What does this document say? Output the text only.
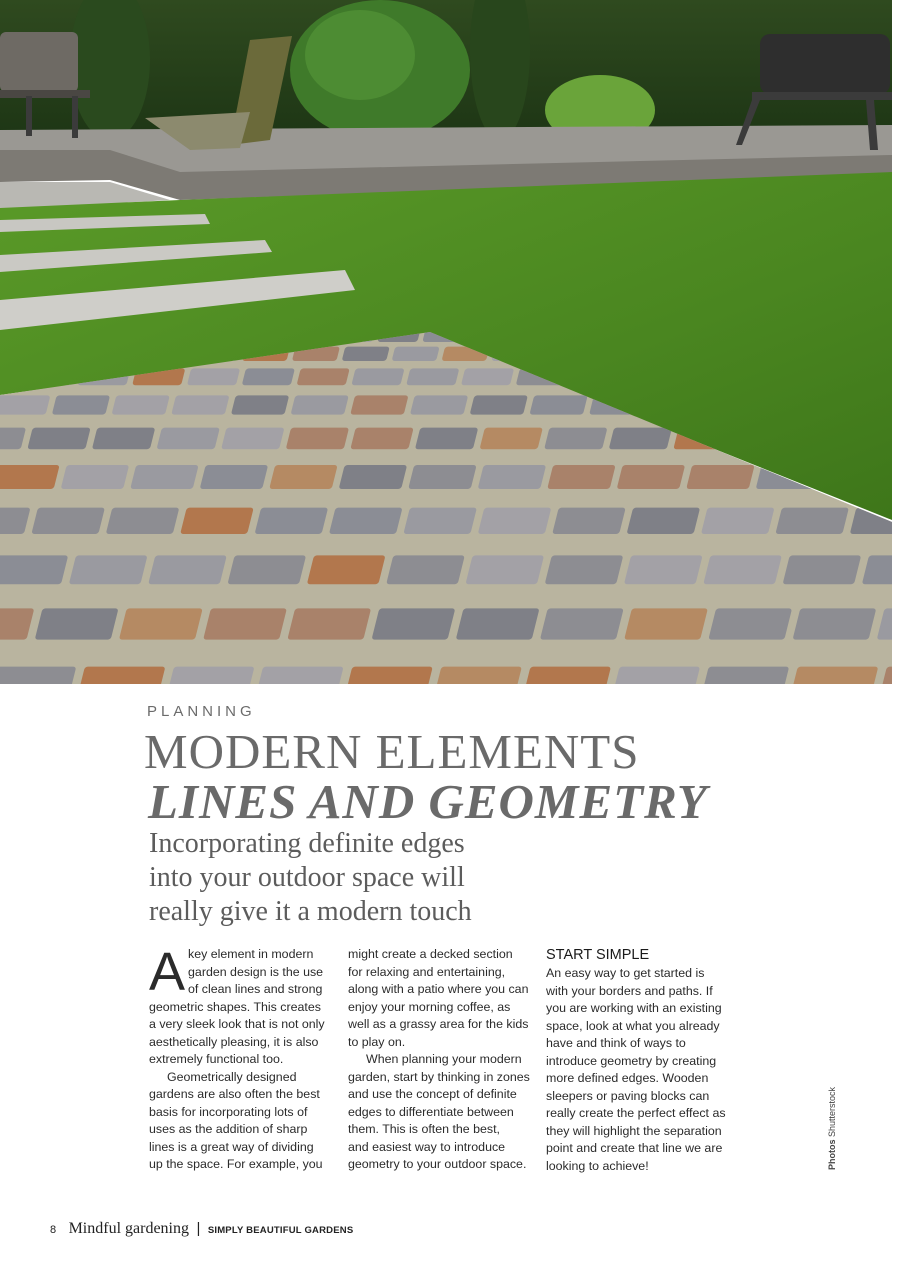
PLANNING
MODERN ELEMENTS
LINES AND GEOMETRY
Incorporating definite edges
into your outdoor space will
really give it a modern touch
A key element in modern
garden design is the use
of clean lines and strong
geometric shapes. This creates
a very sleek look that is not only
aesthetically pleasing, it is also
extremely functional too.
Geometrically designed
gardens are also often the best
basis for incorporating lots of
uses as the addition of sharp
lines is a great way of dividing
up the space. For example, you
might create a decked section
for relaxing and entertaining,
along with a patio where you can
enjoy your morning coffee, as
well as a grassy area for the kids
to play on.
When planning your modern
garden, start by thinking in zones
and use the concept of definite
edges to differentiate between
them. This is often the best,
and easiest way to introduce
geometry to your outdoor space.
START SIMPLE
An easy way to get started is
with your borders and paths. If
you are working with an existing
space, look at what you already
have and think of ways to
introduce geometry by creating
more defined edges. Wooden
sleepers or paving blocks can
really create the perfect effect as
they will highlight the separation
point and create that line we are
looking to achieve!	Photos Shutterstock
8 Mindful gardening | SIMPLY BEAUTIFUL GARDENS
